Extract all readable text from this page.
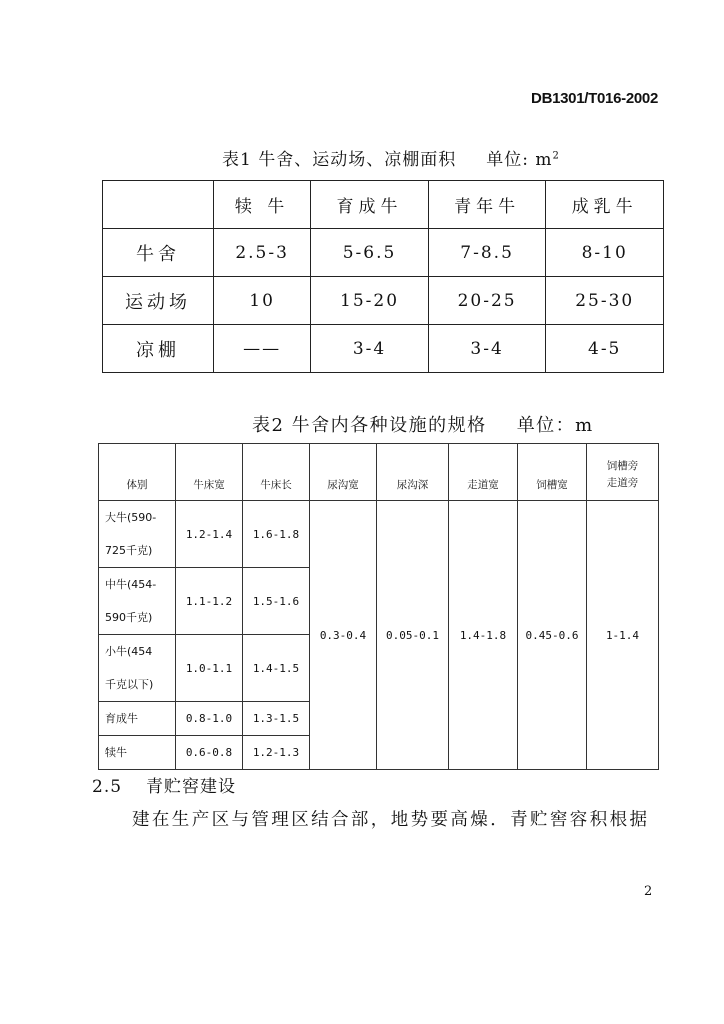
DB1301/T016-2002
表1 牛舍、运动场、凉棚面积 单位: $m^2$
	犊 牛	育成牛	青年牛	成乳牛
牛舍	2.5-3	5-6.5	7-8.5	8-10
运动场	10	15-20	20-25	25-30
凉棚	——	3-4	3-4	4-5
表2 牛舍内各种设施的规格 单位：m
体别	牛床宽	牛床长	尿沟宽	尿沟深	走道宽	饲槽宽	饲槽旁
走道旁
大牛(590-
725千克)	1.2-1.4	1.6-1.8	0.3-0.4	0.05-0.1	1.4-1.8	0.45-0.6	1-1.4
中牛(454-
590千克)	1.1-1.2	1.5-1.6					
小牛(454
千克以下)	1.0-1.1	1.4-1.5					
育成牛	0.8-1.0	1.3-1.5					
犊牛	0.6-0.8	1.2-1.3					
2.5 青贮窖建设
建在生产区与管理区结合部，地势要高燥．青贮窖容积根据
2
